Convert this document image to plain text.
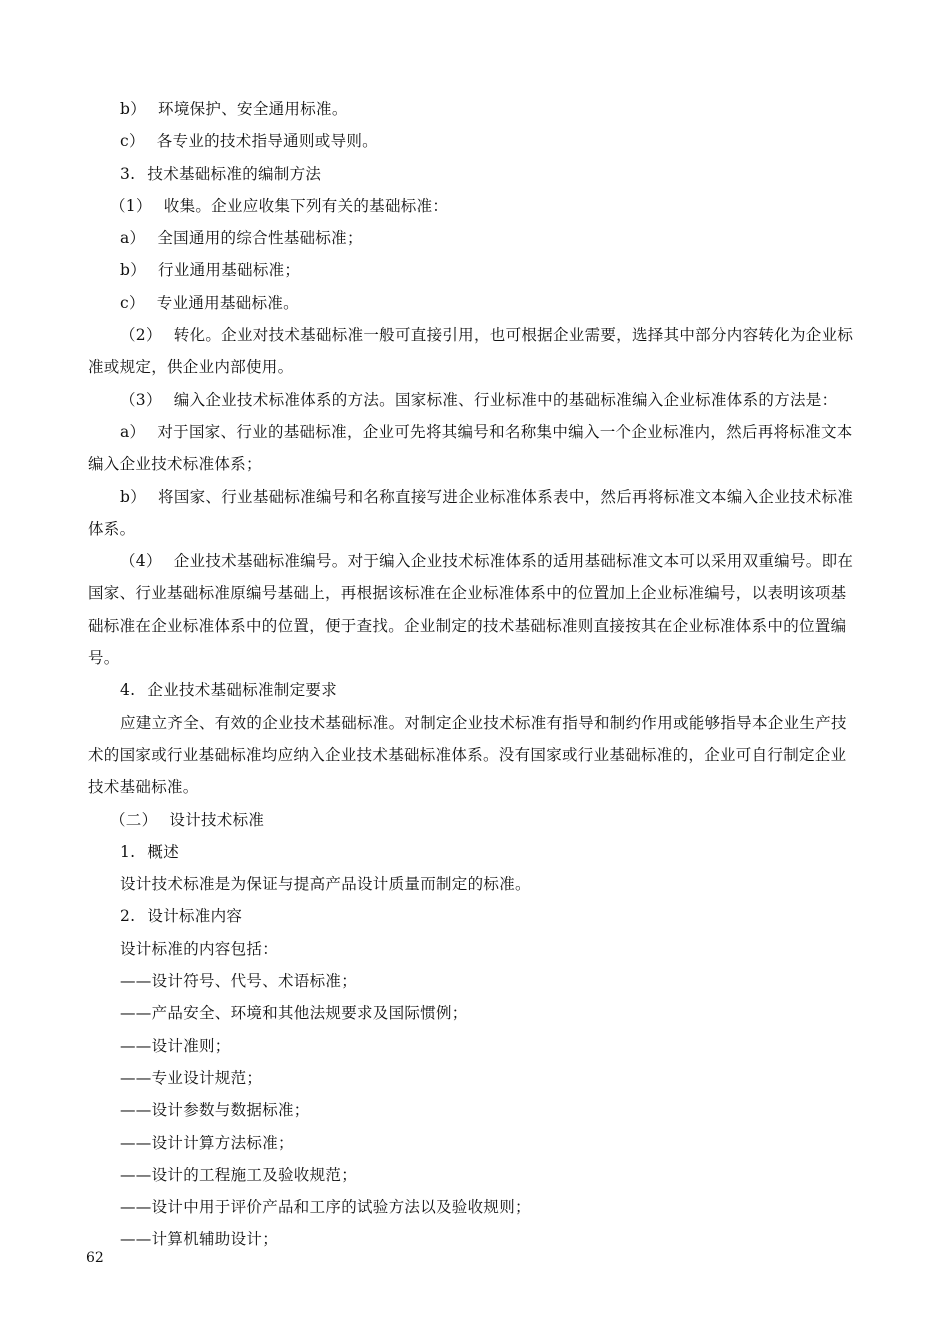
b） 环境保护、安全通用标准。
c） 各专业的技术指导通则或导则。
3. 技术基础标准的编制方法
（1） 收集。企业应收集下列有关的基础标准：
a） 全国通用的综合性基础标准；
b） 行业通用基础标准；
c） 专业通用基础标准。
（2） 转化。企业对技术基础标准一般可直接引用，也可根据企业需要，选择其中部分内容转化为企业标
准或规定，供企业内部使用。
（3） 编入企业技术标准体系的方法。国家标准、行业标准中的基础标准编入企业标准体系的方法是：
a） 对于国家、行业的基础标准，企业可先将其编号和名称集中编入一个企业标准内，然后再将标准文本
编入企业技术标准体系；
b） 将国家、行业基础标准编号和名称直接写进企业标准体系表中，然后再将标准文本编入企业技术标准
体系。
（4） 企业技术基础标准编号。对于编入企业技术标准体系的适用基础标准文本可以采用双重编号。即在
国家、行业基础标准原编号基础上，再根据该标准在企业标准体系中的位置加上企业标准编号，以表明该项基
础标准在企业标准体系中的位置，便于查找。企业制定的技术基础标准则直接按其在企业标准体系中的位置编
号。
4. 企业技术基础标准制定要求
应建立齐全、有效的企业技术基础标准。对制定企业技术标准有指导和制约作用或能够指导本企业生产技
术的国家或行业基础标准均应纳入企业技术基础标准体系。没有国家或行业基础标准的，企业可自行制定企业
技术基础标准。
（二） 设计技术标准
1. 概述
设计技术标准是为保证与提高产品设计质量而制定的标准。
2. 设计标准内容
设计标准的内容包括：
——设计符号、代号、术语标准；
——产品安全、环境和其他法规要求及国际惯例；
——设计准则；
——专业设计规范；
——设计参数与数据标准；
——设计计算方法标准；
——设计的工程施工及验收规范；
——设计中用于评价产品和工序的试验方法以及验收规则；
——计算机辅助设计；
62
